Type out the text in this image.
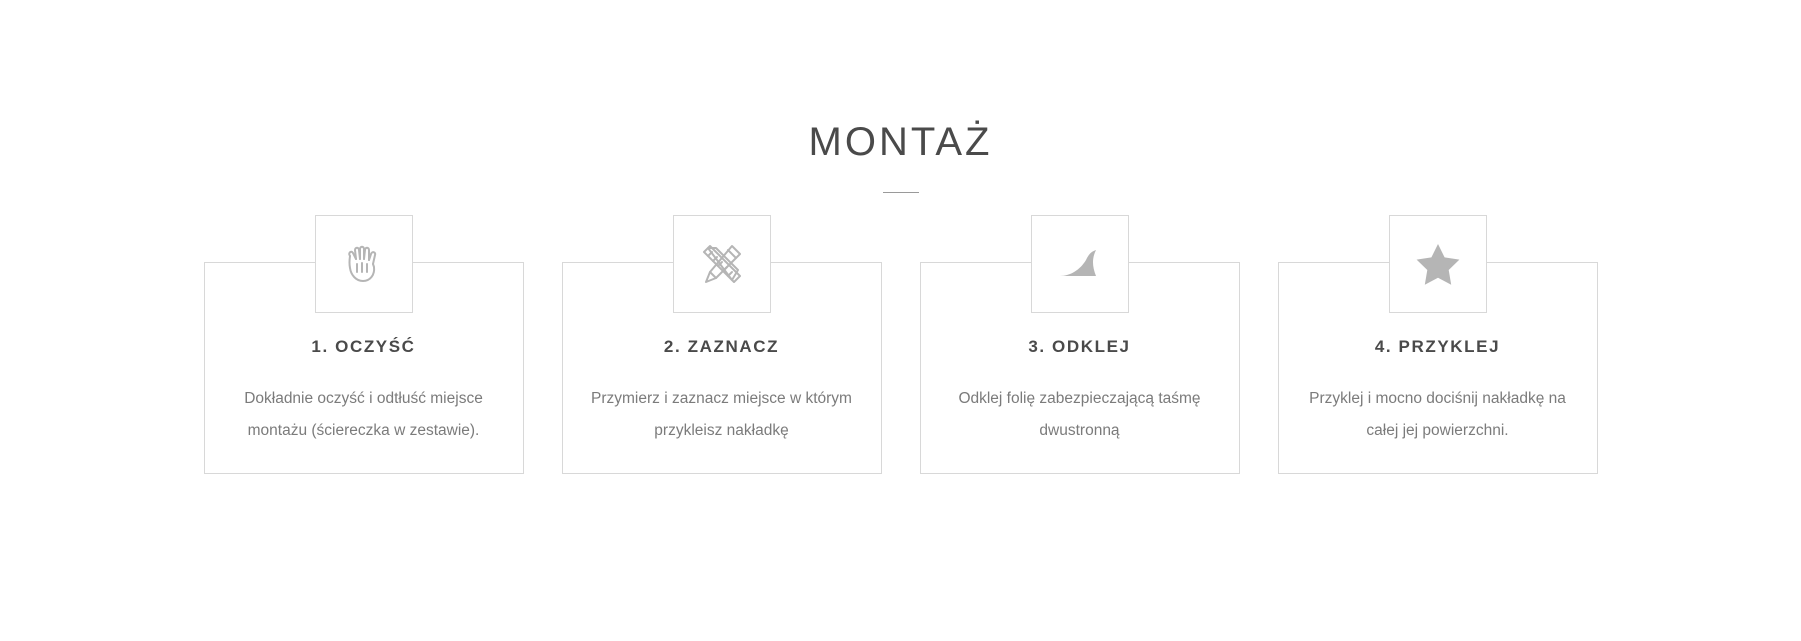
MONTAŻ
1. OCZYŚĆ

Dokładnie oczyść i odtłuść miejsce montażu (ściereczka w zestawie).

2. ZAZNACZ

Przymierz i zaznacz miejsce w którym przykleisz nakładkę

3. ODKLEJ

Odklej folię zabezpieczającą taśmę dwustronną

4. PRZYKLEJ

Przyklej i mocno dociśnij nakładkę na całej jej powierzchni.
